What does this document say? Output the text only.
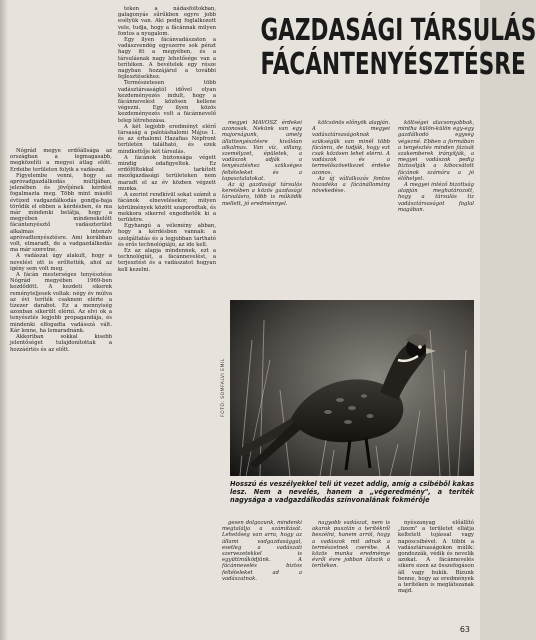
GAZDASÁGI TÁRSULÁS
FÁCÁNTENYÉSZTÉSRE

Nógrád megye erdőállsága az országban a legmagasabb, megközelíti a megyei átlag előtt. Erdeibe területen folyik a vadászat.

Figyelembe venni, hogy az apróvadgazdálkodás múltjában, jelenében és jövőjének kérdést fogalmazta meg. Több mint másfél évtized vadgazdálkodás gondja-baja törődik el ebben a kérdésben, és ma már mindenki belátja, hogy a megyében mindenekelőtt fácántenyésztő vadászterület alkalmas intenzív apróvadtenyésztésre. Ami korábban volt, elmaradt, de a vadgazdálkodás ma már szeretne.

A vadászat úgy alakult, hogy a nevelést ott is erőltették, ahol az igény sem volt meg.

A fácán mesterséges tenyésztése Nógrád megyében 1969-ben kezdődött. A kezdeti sikerek reményteljesek voltak: négy év múlva az évi teríték csaknem elérte a tízezer darabot. Ez a mennyiség azonban sikerült elérni. Az elvi ok a tenyésztés legjobb propagandája, és mindenki elfogadta vadásszá vált. Kár lenne, ha lemaradnánk.

Akkoriban sokkal kisebb jelentőséget tulajdonítottak a hozzáértés és az előtt.

teken a nádasfoltokban, galagonyás sűrűkben egyre jobb esélyük van. Aki pedig foglalkozott vele, tudja, hogy a fácánnak milyen fontos a nyugalom.

Egy ilyen fácánvadászaton a vadászvendég egyszerre sok pénzt hagy itt a megyében, és a társulásnak nagy lehetősége van a terítéken. A bevételek egy része nagyban hozzájárul a további fejlesztésekhez.

Természetesen több vadásztársaságtól idővel olyan kezdeményezés indult, hogy a fácánnevelést közösen kellene végezni. Egy ilyen közös kezdeményezés volt a fácánnevelő telep létrehozása.

A két legjobb eredményt elérő társaság a palotáshalomi Május 1. és az érhalomi Hazafias Népfront területén található, és ezek mindkettője két társulás.

A fácánok biztonsága végett mindig odafigyeltek. Ez erdőföltokkal tarkított mezőgazdasági területeken nem maradt el az év közben végzett munka.

A szerint rendkívül sokat számít a fácánok elnevelésekor, milyen körülmények között szaporodtak, és mekkora sikerrel engedhetők ki a területre.

Egyhangú a vélemény abban, hogy a kérdésben vannak: a szolgáltatás és a legjobban tartható és erős technológiájú, az ide kell.

Ez az alapja mindennek, ezt a technológiát, a fácánnevelést, a terjesztést és a vadászatot hogyan kell kezelni.

megyei MAVOSZ érdekei azonosak. Nekünk van egy majorságunk, amely állattenyésztésre kiválóan alkalmas. Van víz, villany, személyzet, épületek, a vadászok adják a tenyésztéshez szükséges feltételeket és a tapasztalatokat.

Az új gazdasági társulás keretében a közös gazdasági társulásra, több is működik mellett, jó eredménnyel.

kölcsönös előnyök alapján. A megyei vadásztársaságoknak szükségük van minél több fácánra, de tudják, hogy ezt csak közösen lehet elérni. A vadászok és a termelőszövetkezet érdeke azonos.

Az új vállalkozás fontos hozadéka a fácánállomány növekedése.

költségei alacsonyabbak, mintha külön-külön egy-egy gazdálkodó egység végezné. Ebben a formában a tenyésztés minden fázisát szakemberek irányítják, a megyei vadászok pedig biztosítják a kibocsátott fácánok számára a jó élőhelyet.

A megyei intéző bizottság alapján meghatározott, hogy a társulás tíz vadásztársaságot foglal magában.

FOTÓ: SOMFALVI EMIL
Hosszú és veszélyekkel teli út vezet addig, amíg a csibéből kakas lesz. Nem a nevelés, hanem a „végeredmény", a teríték nagysága a vadgazdálkodás színvonalának fokmérője

gesen dolgozunk, mindenki megtalálja a számítását. Lehetőség van arra, hogy az állami vadgazdasággal, esetleg a vadászati szervezetekkel is együttműködjünk. A fácánnevelés biztos feltételeket ad a vadászatnak.

nagyobb vadászat, nem is akarok pusztán a terítékről beszélni, hanem arról, hogy a vadászok mit adnak a természetnek cserébe. A közös munka eredménye évről évre jobban látszik a terítéken.

nyészanyag előállító „üzem" a területet ellátja keltetett tojással vagy naposcsibével. A többi a vadásztársaságokon múlik: gondozzák, védik és nevelik azokat. A fácánnevelés sikere ezen az összefogáson áll vagy bukik. Bízunk benne, hogy az eredmények a terítéken is meglátszanak majd.

63
